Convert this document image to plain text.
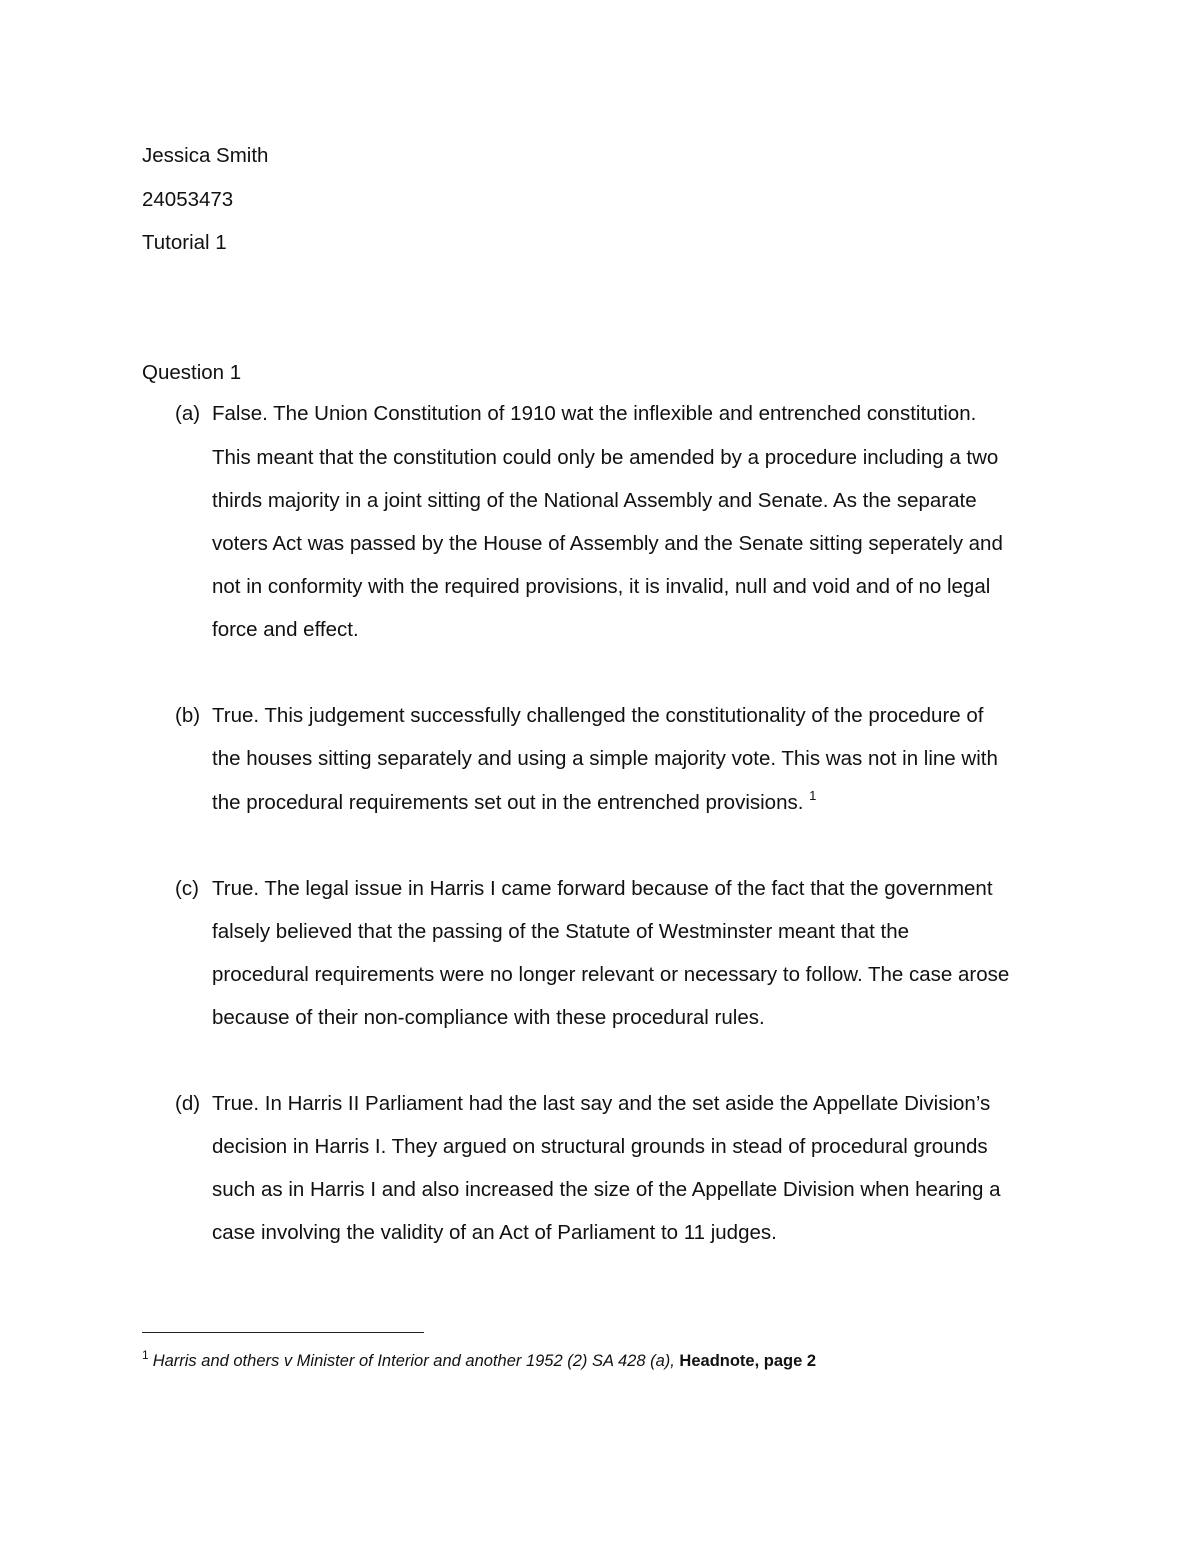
Jessica Smith
24053473
Tutorial 1
Question 1
(a) False. The Union Constitution of 1910 wat the inflexible and entrenched constitution.
This meant that the constitution could only be amended by a procedure including a two
thirds majority in a joint sitting of the National Assembly and Senate. As the separate
voters Act was passed by the House of Assembly and the Senate sitting seperately and
not in conformity with the required provisions, it is invalid, null and void and of no legal
force and effect.
(b) True. This judgement successfully challenged the constitutionality of the procedure of
the houses sitting separately and using a simple majority vote. This was not in line with
the procedural requirements set out in the entrenched provisions. $^1$
(c) True. The legal issue in Harris I came forward because of the fact that the government
falsely believed that the passing of the Statute of Westminster meant that the
procedural requirements were no longer relevant or necessary to follow. The case arose
because of their non-compliance with these procedural rules.
(d) True. In Harris II Parliament had the last say and the set aside the Appellate Division’s
decision in Harris I. They argued on structural grounds in stead of procedural grounds
such as in Harris I and also increased the size of the Appellate Division when hearing a
case involving the validity of an Act of Parliament to 11 judges.
$^1$ Harris and others v Minister of Interior and another 1952 (2) SA 428 (a), Headnote, page 2
